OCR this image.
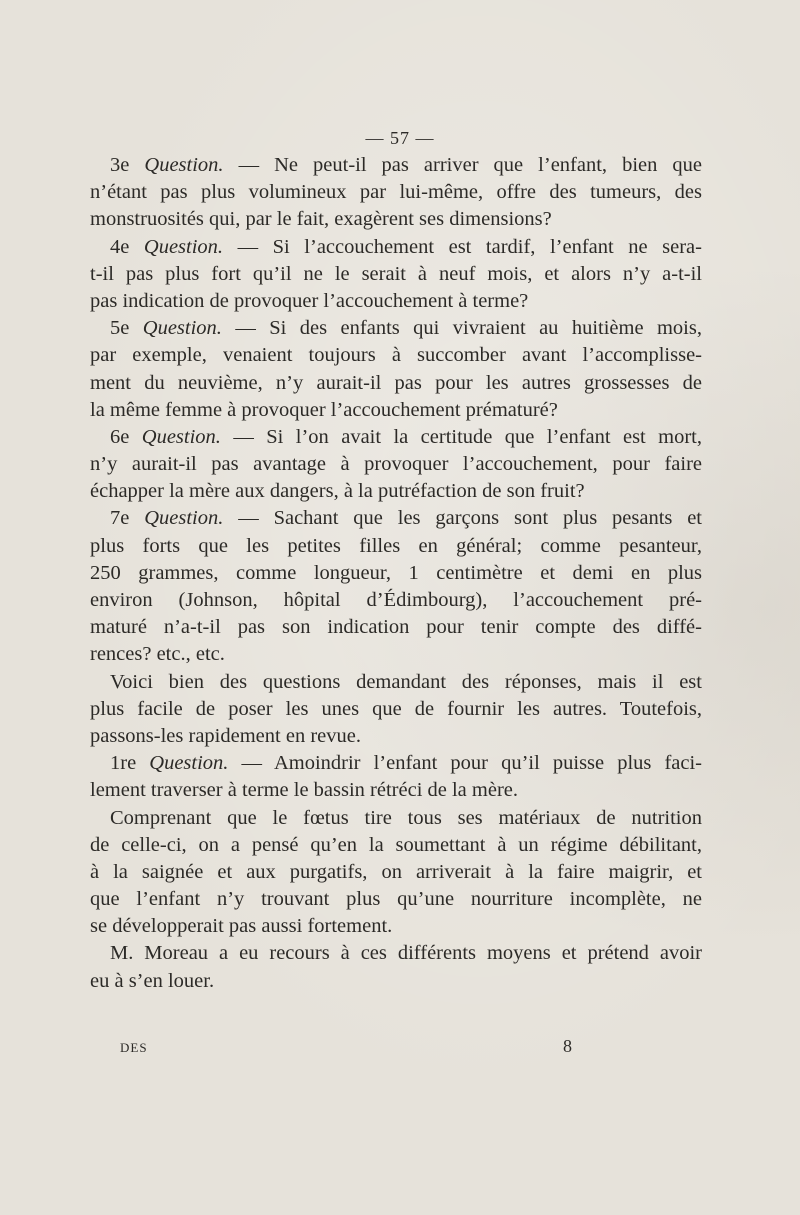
— 57 —
3e Question. — Ne peut-il pas arriver que l’enfant, bien que
n’étant pas plus volumineux par lui-même, offre des tumeurs, des
monstruosités qui, par le fait, exagèrent ses dimensions?
4e Question. — Si l’accouchement est tardif, l’enfant ne sera-
t-il pas plus fort qu’il ne le serait à neuf mois, et alors n’y a-t-il
pas indication de provoquer l’accouchement à terme?
5e Question. — Si des enfants qui vivraient au huitième mois,
par exemple, venaient toujours à succomber avant l’accomplisse-
ment du neuvième, n’y aurait-il pas pour les autres grossesses de
la même femme à provoquer l’accouchement prématuré?
6e Question. — Si l’on avait la certitude que l’enfant est mort,
n’y aurait-il pas avantage à provoquer l’accouchement, pour faire
échapper la mère aux dangers, à la putréfaction de son fruit?
7e Question. — Sachant que les garçons sont plus pesants et
plus forts que les petites filles en général; comme pesanteur,
250 grammes, comme longueur, 1 centimètre et demi en plus
environ (Johnson, hôpital d’Édimbourg), l’accouchement pré-
maturé n’a-t-il pas son indication pour tenir compte des diffé-
rences? etc., etc.
Voici bien des questions demandant des réponses, mais il est
plus facile de poser les unes que de fournir les autres. Toutefois,
passons-les rapidement en revue.
1re Question. — Amoindrir l’enfant pour qu’il puisse plus faci-
lement traverser à terme le bassin rétréci de la mère.
Comprenant que le fœtus tire tous ses matériaux de nutrition
de celle-ci, on a pensé qu’en la soumettant à un régime débilitant,
à la saignée et aux purgatifs, on arriverait à la faire maigrir, et
que l’enfant n’y trouvant plus qu’une nourriture incomplète, ne
se développerait pas aussi fortement.
M. Moreau a eu recours à ces différents moyens et prétend avoir
eu à s’en louer.
DES	8
